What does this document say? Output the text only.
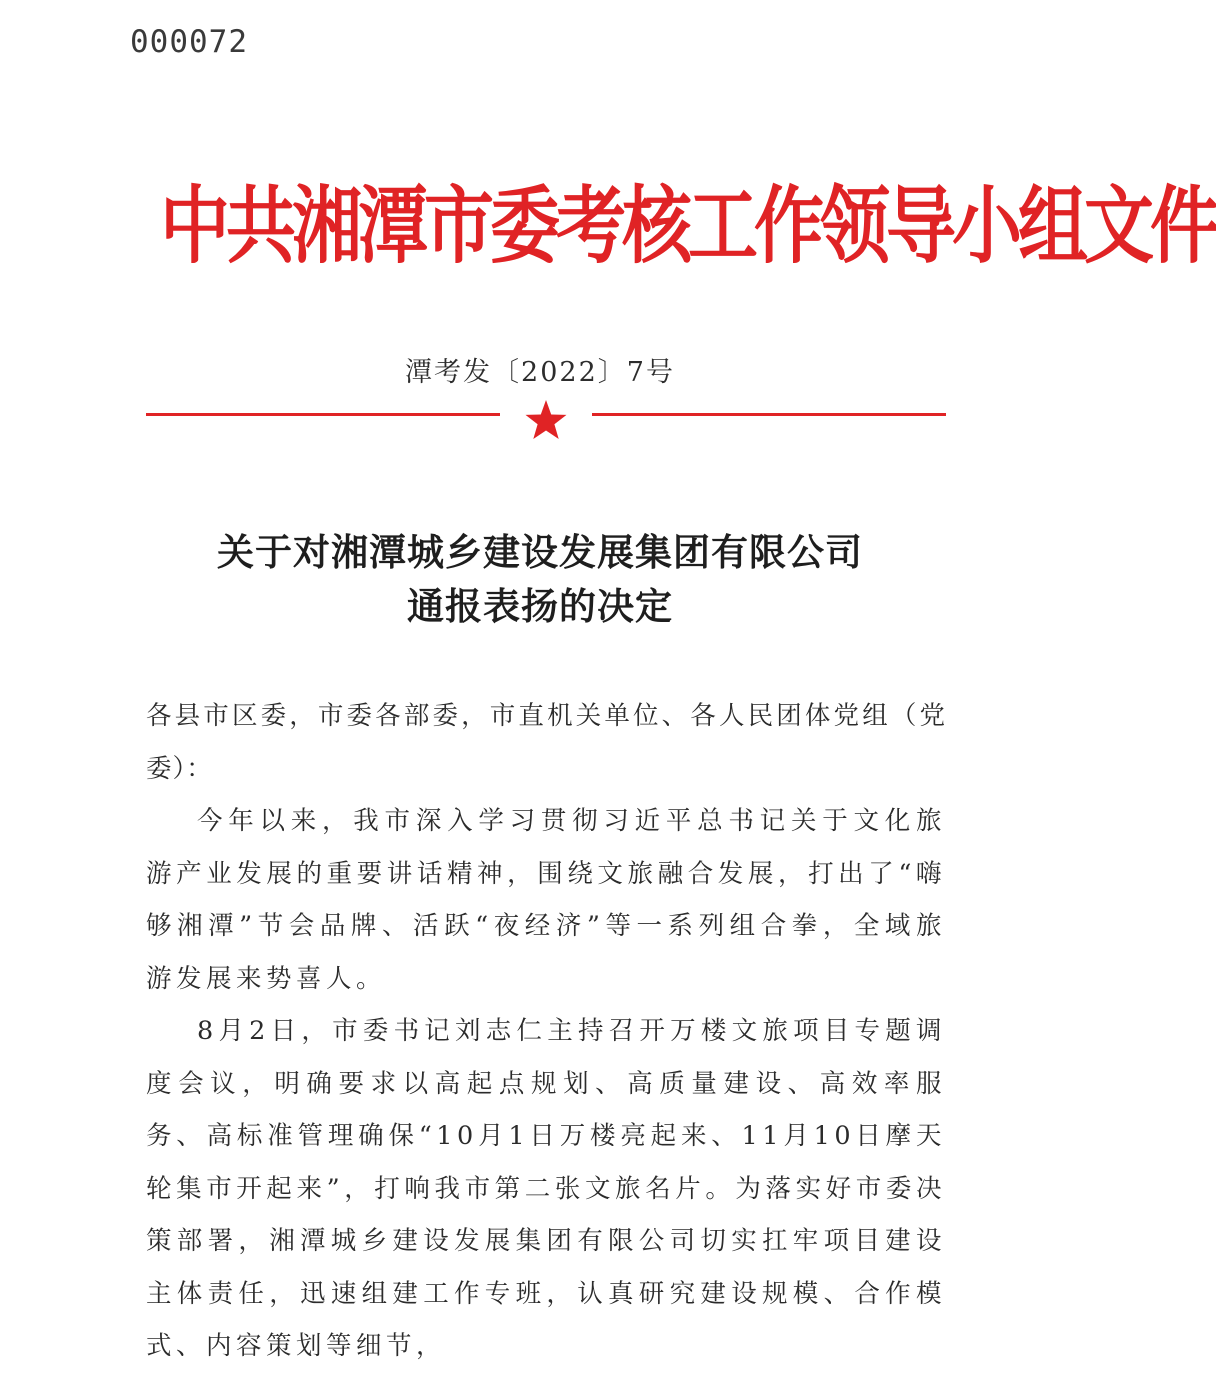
000072
中共湘潭市委考核工作领导小组文件
潭考发〔2022〕7号
关于对湘潭城乡建设发展集团有限公司
通报表扬的决定

各县市区委，市委各部委，市直机关单位、各人民团体党组（党委）：

今年以来，我市深入学习贯彻习近平总书记关于文化旅游产业发展的重要讲话精神，围绕文旅融合发展，打出了“嗨够湘潭”节会品牌、活跃“夜经济”等一系列组合拳，全域旅游发展来势喜人。

8月2日，市委书记刘志仁主持召开万楼文旅项目专题调度会议，明确要求以高起点规划、高质量建设、高效率服务、高标准管理确保“10月1日万楼亮起来、11月10日摩天轮集市开起来”，打响我市第二张文旅名片。为落实好市委决策部署，湘潭城乡建设发展集团有限公司切实扛牢项目建设主体责任，迅速组建工作专班，认真研究建设规模、合作模式、内容策划等细节，
